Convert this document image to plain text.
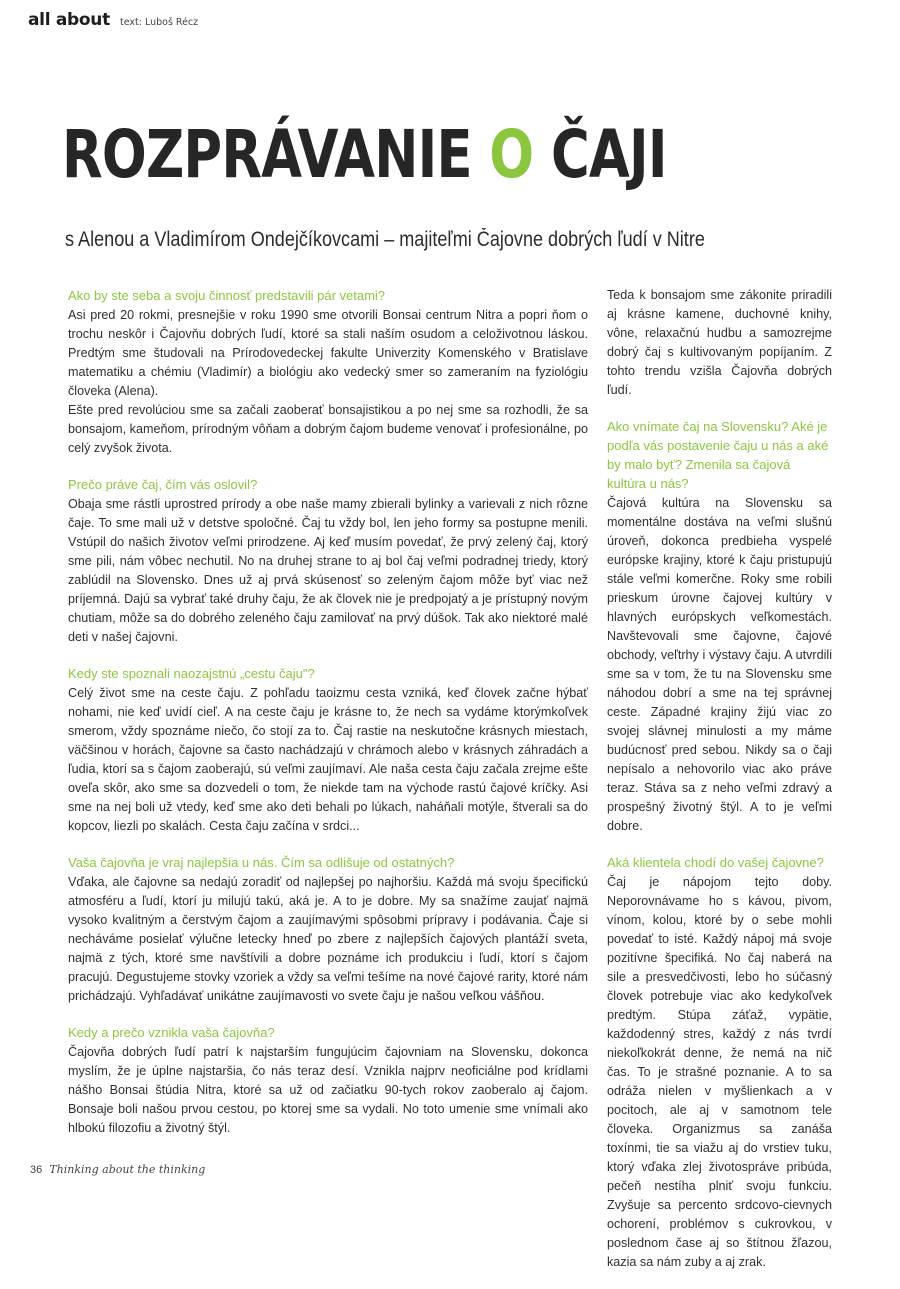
all about text: Luboš Récz
ROZPRÁVANIE O ČAJI
s Alenou a Vladimírom Ondejčíkovcami – majiteľmi Čajovne dobrých ľudí v Nitre
Ako by ste seba a svoju činnosť predstavili pár vetami?

Asi pred 20 rokmi, presnejšie v roku 1990 sme otvorili Bonsai centrum Nitra a popri ňom o trochu neskôr i Čajovňu dobrých ľudí, ktoré sa stali naším osudom a celoživotnou láskou. Predtým sme študovali na Prírodovedeckej fakulte Univerzity Komenského v Bratislave matematiku a chémiu (Vladimír) a biológiu ako vedecký smer so zameraním na fyziológiu človeka (Alena).

Ešte pred revolúciou sme sa začali zaoberať bonsajistikou a po nej sme sa rozhodli, že sa bonsajom, kameňom, prírodným vôňam a dobrým čajom budeme venovať i profesionálne, po celý zvyšok života.

Prečo práve čaj, čím vás oslovil?

Obaja sme rástli uprostred prírody a obe naše mamy zbierali bylinky a varievali z nich rôzne čaje. To sme mali už v detstve spoločné. Čaj tu vždy bol, len jeho formy sa postupne menili. Vstúpil do našich životov veľmi prirodzene. Aj keď musím povedať, že prvý zelený čaj, ktorý sme pili, nám vôbec nechutil. No na druhej strane to aj bol čaj veľmi podradnej triedy, ktorý zablúdil na Slovensko. Dnes už aj prvá skúsenosť so zeleným čajom môže byť viac než príjemná. Dajú sa vybrať také druhy čaju, že ak človek nie je predpojatý a je prístupný novým chutiam, môže sa do dobrého zeleného čaju zamilovať na prvý dúšok. Tak ako niektoré malé deti v našej čajovni.

Kedy ste spoznali naozajstnú „cestu čaju"?

Celý život sme na ceste čaju. Z pohľadu taoizmu cesta vzniká, keď človek začne hýbať nohami, nie keď uvidí cieľ. A na ceste čaju je krásne to, že nech sa vydáme ktorýmkoľvek smerom, vždy spoznáme niečo, čo stojí za to. Čaj rastie na neskutočne krásnych miestach, väčšinou v horách, čajovne sa často nachádzajú v chrámoch alebo v krásnych záhradách a ľudia, ktorí sa s čajom zaoberajú, sú veľmi zaujímaví. Ale naša cesta čaju začala zrejme ešte oveľa skôr, ako sme sa dozvedeli o tom, že niekde tam na východe rastú čajové kríčky. Asi sme na nej boli už vtedy, keď sme ako deti behali po lúkach, naháňali motýle, štverali sa do kopcov, liezli po skalách. Cesta čaju začína v srdci...

Vaša čajovňa je vraj najlepšia u nás. Čím sa odlišuje od ostatných?

Vďaka, ale čajovne sa nedajú zoradiť od najlepšej po najhoršiu. Každá má svoju špecifickú atmosféru a ľudí, ktorí ju milujú takú, aká je. A to je dobre. My sa snažíme zaujať najmä vysoko kvalitným a čerstvým čajom a zaujímavými spôsobmi prípravy i podávania. Čaje si necháváme posielať výlučne letecky hneď po zbere z najlepších čajových plantáží sveta, najmä z tých, ktoré sme navštívili a dobre poznáme ich produkciu i ľudí, ktorí s čajom pracujú. Degustujeme stovky vzoriek a vždy sa veľmi tešíme na nové čajové rarity, ktoré nám prichádzajú. Vyhľadávať unikátne zaujímavosti vo svete čaju je našou veľkou vášňou.

Kedy a prečo vznikla vaša čajovňa?

Čajovňa dobrých ľudí patrí k najstarším fungujúcim čajovniam na Slovensku, dokonca myslím, že je úplne najstaršia, čo nás teraz desí. Vznikla najprv neoficiálne pod krídlami nášho Bonsai štúdia Nitra, ktoré sa už od začiatku 90-tych rokov zaoberalo aj čajom. Bonsaje boli našou prvou cestou, po ktorej sme sa vydali. No toto umenie sme vnímali ako hlbokú filozofiu a životný štýl.

Teda k bonsajom sme zákonite priradili aj krásne kamene, duchovné knihy, vône, relaxačnú hudbu a samozrejme dobrý čaj s kultivovaným popíjaním. Z tohto trendu vzišla Čajovňa dobrých ľudí.

Ako vnímate čaj na Slovensku? Aké je podľa vás postavenie čaju u nás a aké by malo byť? Zmenila sa čajová kultúra u nás?

Čajová kultúra na Slovensku sa momentálne dostáva na veľmi slušnú úroveň, dokonca predbieha vyspelé európske krajiny, ktoré k čaju pristupujú stále veľmi komerčne. Roky sme robili prieskum úrovne čajovej kultúry v hlavných európskych veľkomestách. Navštevovali sme čajovne, čajové obchody, veľtrhy i výstavy čaju. A utvrdili sme sa v tom, že tu na Slovensku sme náhodou dobrí a sme na tej správnej ceste. Západné krajiny žijú viac zo svojej slávnej minulosti a my máme budúcnosť pred sebou. Nikdy sa o čaji nepísalo a nehovorilo viac ako práve teraz. Stáva sa z neho veľmi zdravý a prospešný životný štýl. A to je veľmi dobre.

Aká klientela chodí do vašej čajovne?

Čaj je nápojom tejto doby. Neporovnávame ho s kávou, pivom, vínom, kolou, ktoré by o sebe mohli povedať to isté. Každý nápoj má svoje pozitívne špecifiká. No čaj naberá na sile a presvedčivosti, lebo ho súčasný človek potrebuje viac ako kedykoľvek predtým. Stúpa záťaž, vypätie, každodenný stres, každý z nás tvrdí niekoľkokrát denne, že nemá na nič čas. To je strašné poznanie. A to sa odráža nielen v myšlienkach a v pocitoch, ale aj v samotnom tele človeka. Organizmus sa zanáša toxínmi, tie sa viažu aj do vrstiev tuku, ktorý vďaka zlej životosprávе pribúda, pečeň nestíha plniť svoju funkciu. Zvyšuje sa percento srdcovo-cievnych ochorení, problémov s cukrovkou, v poslednom čase aj so štítnou žľazou, kazia sa nám zuby a aj zrak.

36 Thinking about the thinking
